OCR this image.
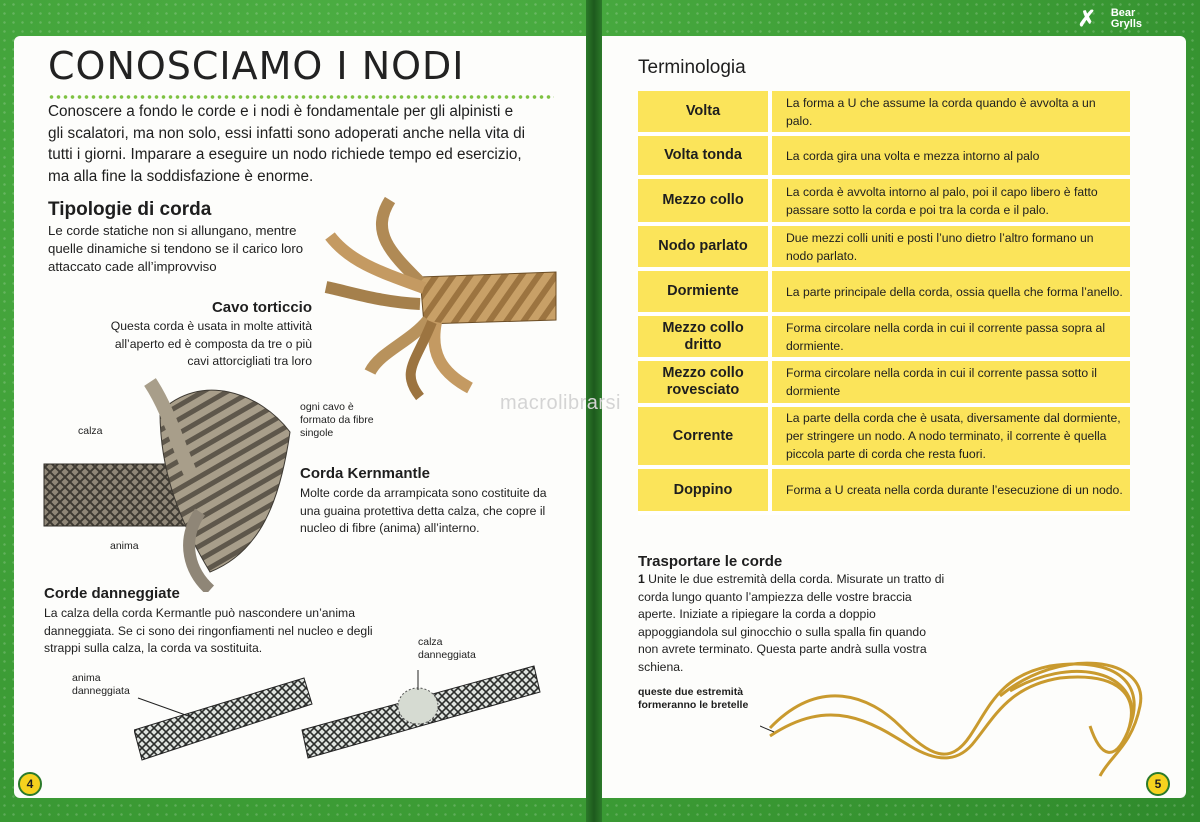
✗ Bear
Grylls
CONOSCIAMO I NODI

Conoscere a fondo le corde e i nodi è fondamentale per gli alpinisti e gli scalatori, ma non solo, essi infatti sono adoperati anche nella vita di tutti i giorni. Imparare a eseguire un nodo richiede tempo ed esercizio, ma alla fine la soddisfazione è enorme.

Tipologie di corda

Le corde statiche non si allungano, mentre quelle dinamiche si tendono se il carico loro attaccato cade all’improvviso

Cavo torticcio

Questa corda è usata in molte attività all’aperto ed è composta da tre o più cavi attorcigliati tra loro

ogni cavo è formato da fibre singole

calza

anima

Corda Kernmantle

Molte corde da arrampicata sono costituite da una guaina protettiva detta calza, che copre il nucleo di fibre (anima) all’interno.

Corde danneggiate

La calza della corda Kermantle può nascondere un’anima danneggiata. Se ci sono dei ringonfiamenti nel nucleo e degli strappi sulla calza, la corda va sostituita.

anima danneggiata

calza danneggiata

4
Terminologia
Volta	La forma a U che assume la corda quando è avvolta a un palo.
Volta tonda	La corda gira una volta e mezza intorno al palo
Mezzo collo	La corda è avvolta intorno al palo, poi il capo libero è fatto passare sotto la corda e poi tra la corda e il palo.
Nodo parlato	Due mezzi colli uniti e posti l’uno dietro l’altro formano un nodo parlato.
Dormiente	La parte principale della corda, ossia quella che forma l’anello.
Mezzo collo dritto	Forma circolare nella corda in cui il corrente passa sopra al dormiente.
Mezzo collo rovesciato	Forma circolare nella corda in cui il corrente passa sotto il dormiente
Corrente	La parte della corda che è usata, diversamente dal dormiente, per stringere un nodo. A nodo terminato, il corrente è quella piccola parte di corda che resta fuori.
Doppino	Forma a U creata nella corda durante l’esecuzione di un nodo.
macrolibrarsi
Trasportare le corde

1 Unite le due estremità della corda. Misurate un tratto di corda lungo quanto l’ampiezza delle vostre braccia aperte. Iniziate a ripiegare la corda a doppio appoggiandola sul ginocchio o sulla spalla fin quando non avrete terminato. Questa parte andrà sulla vostra schiena.

queste due estremità formeranno le bretelle

5
